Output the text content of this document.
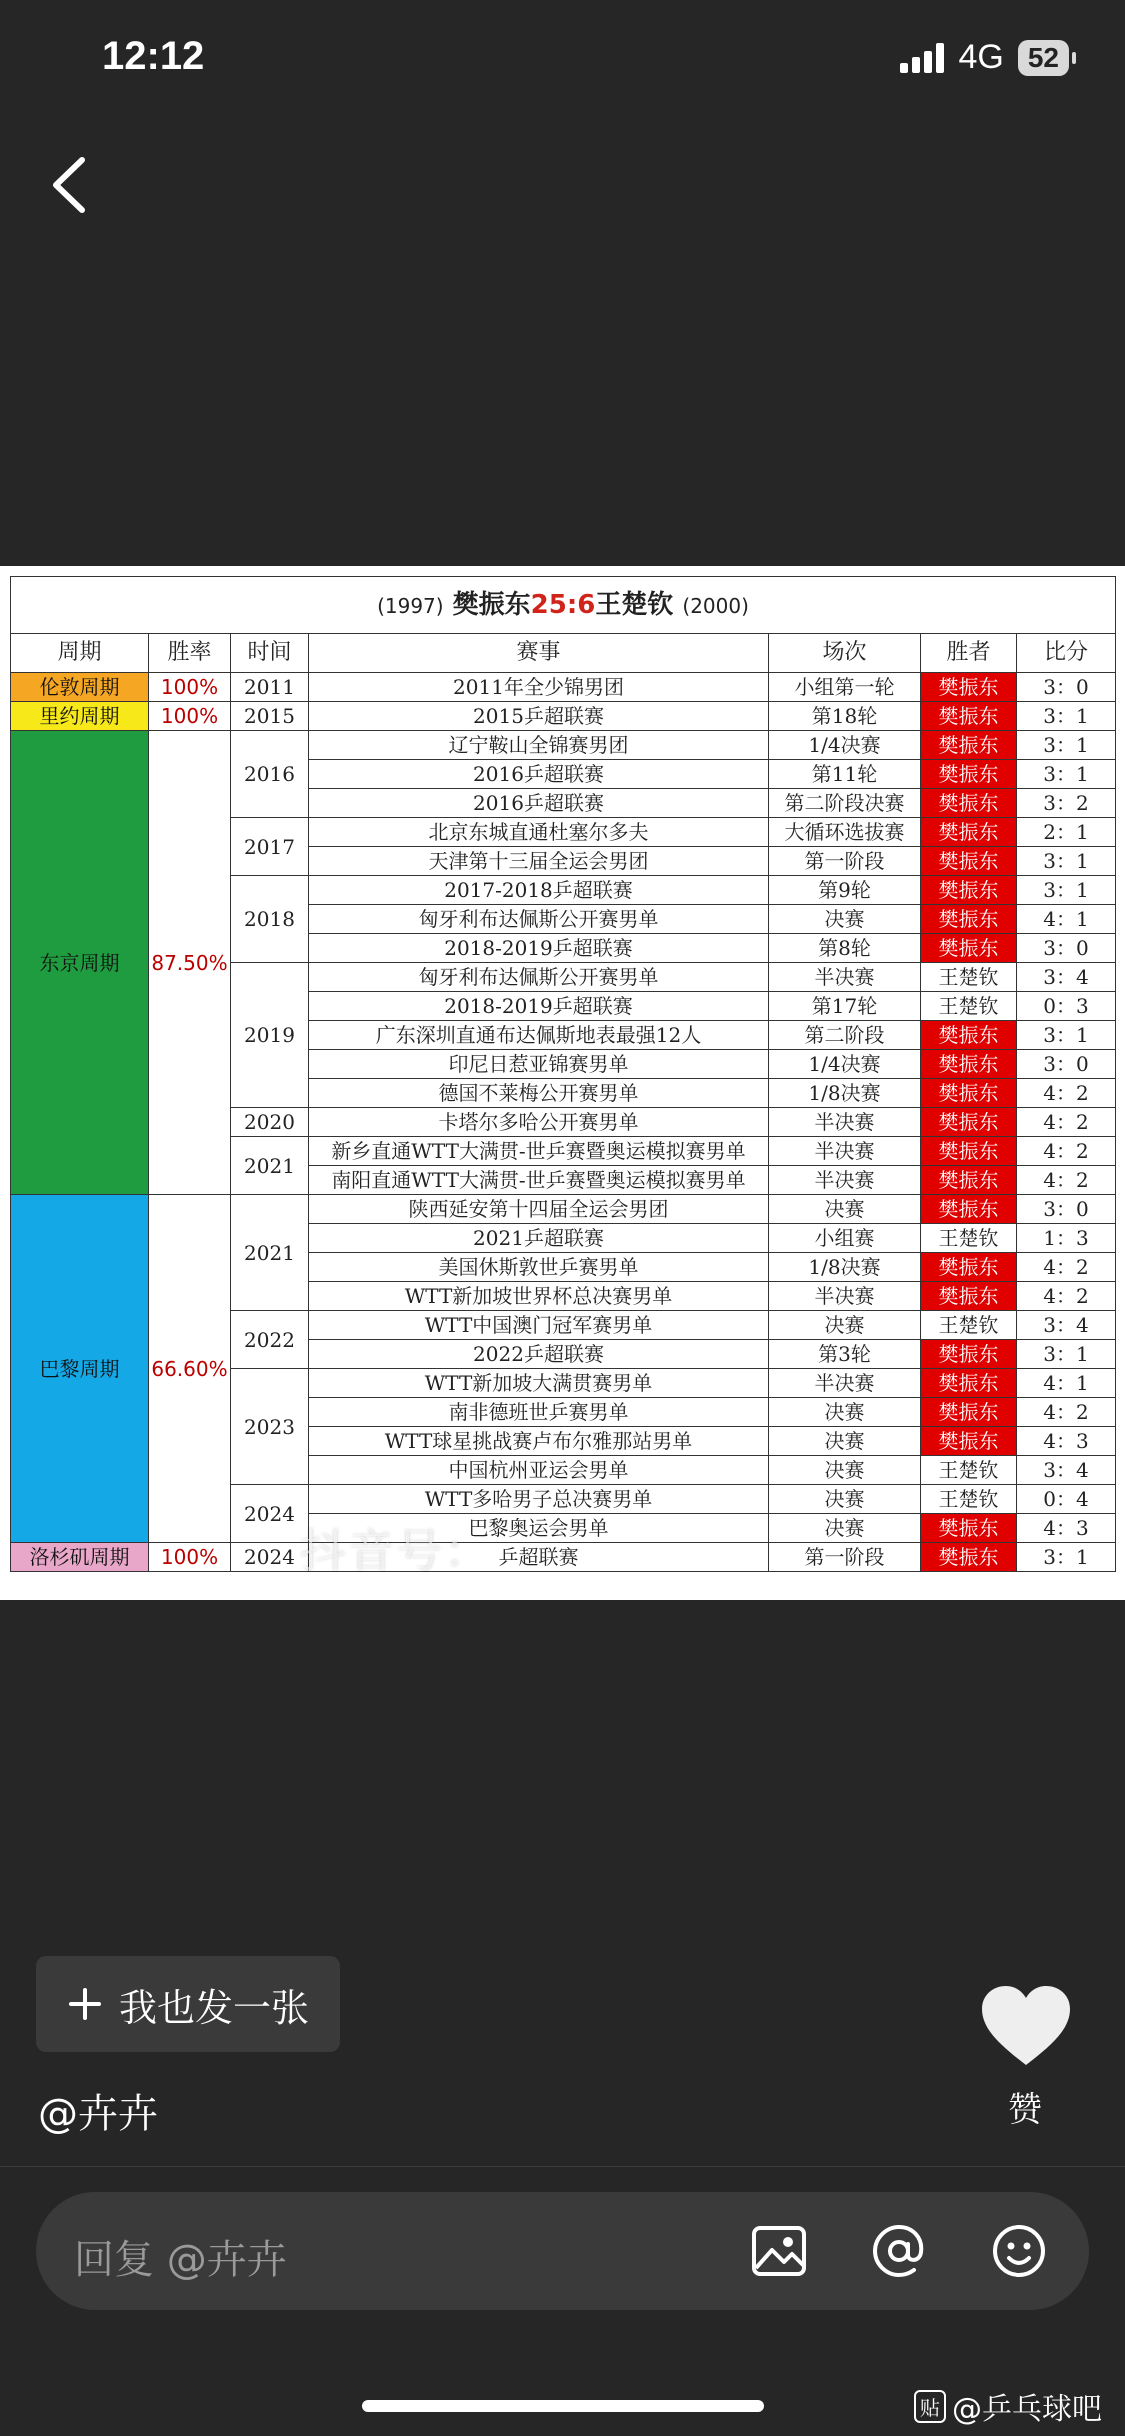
12:12	4G 52
(1997) 樊振东25:6王楚钦 (2000)						
周期	胜率	时间	赛事	场次	胜者	比分
伦敦周期	100%	2011	2011年全少锦男团	小组第一轮	樊振东	3：0
里约周期	100%	2015	2015乒超联赛	第18轮	樊振东	3：1
东京周期	87.50%	2016	辽宁鞍山全锦赛男团	1/4决赛	樊振东	3：1
			2016乒超联赛	第11轮	樊振东	3：1
			2016乒超联赛	第二阶段决赛	樊振东	3：2
		2017	北京东城直通杜塞尔多夫	大循环选拔赛	樊振东	2：1
			天津第十三届全运会男团	第一阶段	樊振东	3：1
		2018	2017-2018乒超联赛	第9轮	樊振东	3：1
			匈牙利布达佩斯公开赛男单	决赛	樊振东	4：1
			2018-2019乒超联赛	第8轮	樊振东	3：0
		2019	匈牙利布达佩斯公开赛男单	半决赛	王楚钦	3：4
			2018-2019乒超联赛	第17轮	王楚钦	0：3
			广东深圳直通布达佩斯地表最强12人	第二阶段	樊振东	3：1
			印尼日惹亚锦赛男单	1/4决赛	樊振东	3：0
			德国不莱梅公开赛男单	1/8决赛	樊振东	4：2
		2020	卡塔尔多哈公开赛男单	半决赛	樊振东	4：2
		2021	新乡直通WTT大满贯-世乒赛暨奥运模拟赛男单	半决赛	樊振东	4：2
			南阳直通WTT大满贯-世乒赛暨奥运模拟赛男单	半决赛	樊振东	4：2
巴黎周期	66.60%	2021	陕西延安第十四届全运会男团	决赛	樊振东	3：0
			2021乒超联赛	小组赛	王楚钦	1：3
			美国休斯敦世乒赛男单	1/8决赛	樊振东	4：2
			WTT新加坡世界杯总决赛男单	半决赛	樊振东	4：2
		2022	WTT中国澳门冠军赛男单	决赛	王楚钦	3：4
			2022乒超联赛	第3轮	樊振东	3：1
		2023	WTT新加坡大满贯赛男单	半决赛	樊振东	4：1
			南非德班世乒赛男单	决赛	樊振东	4：2
			WTT球星挑战赛卢布尔雅那站男单	决赛	樊振东	4：3
			中国杭州亚运会男单	决赛	王楚钦	3：4
		2024	WTT多哈男子总决赛男单	决赛	王楚钦	0：4
			巴黎奥运会男单	决赛	樊振东	4：3
洛杉矶周期	100%	2024	乒超联赛	第一阶段	樊振东	3：1
抖音号：
我也发一张
@卉卉	赞
回复 @卉卉
贴 @乒乓球吧
